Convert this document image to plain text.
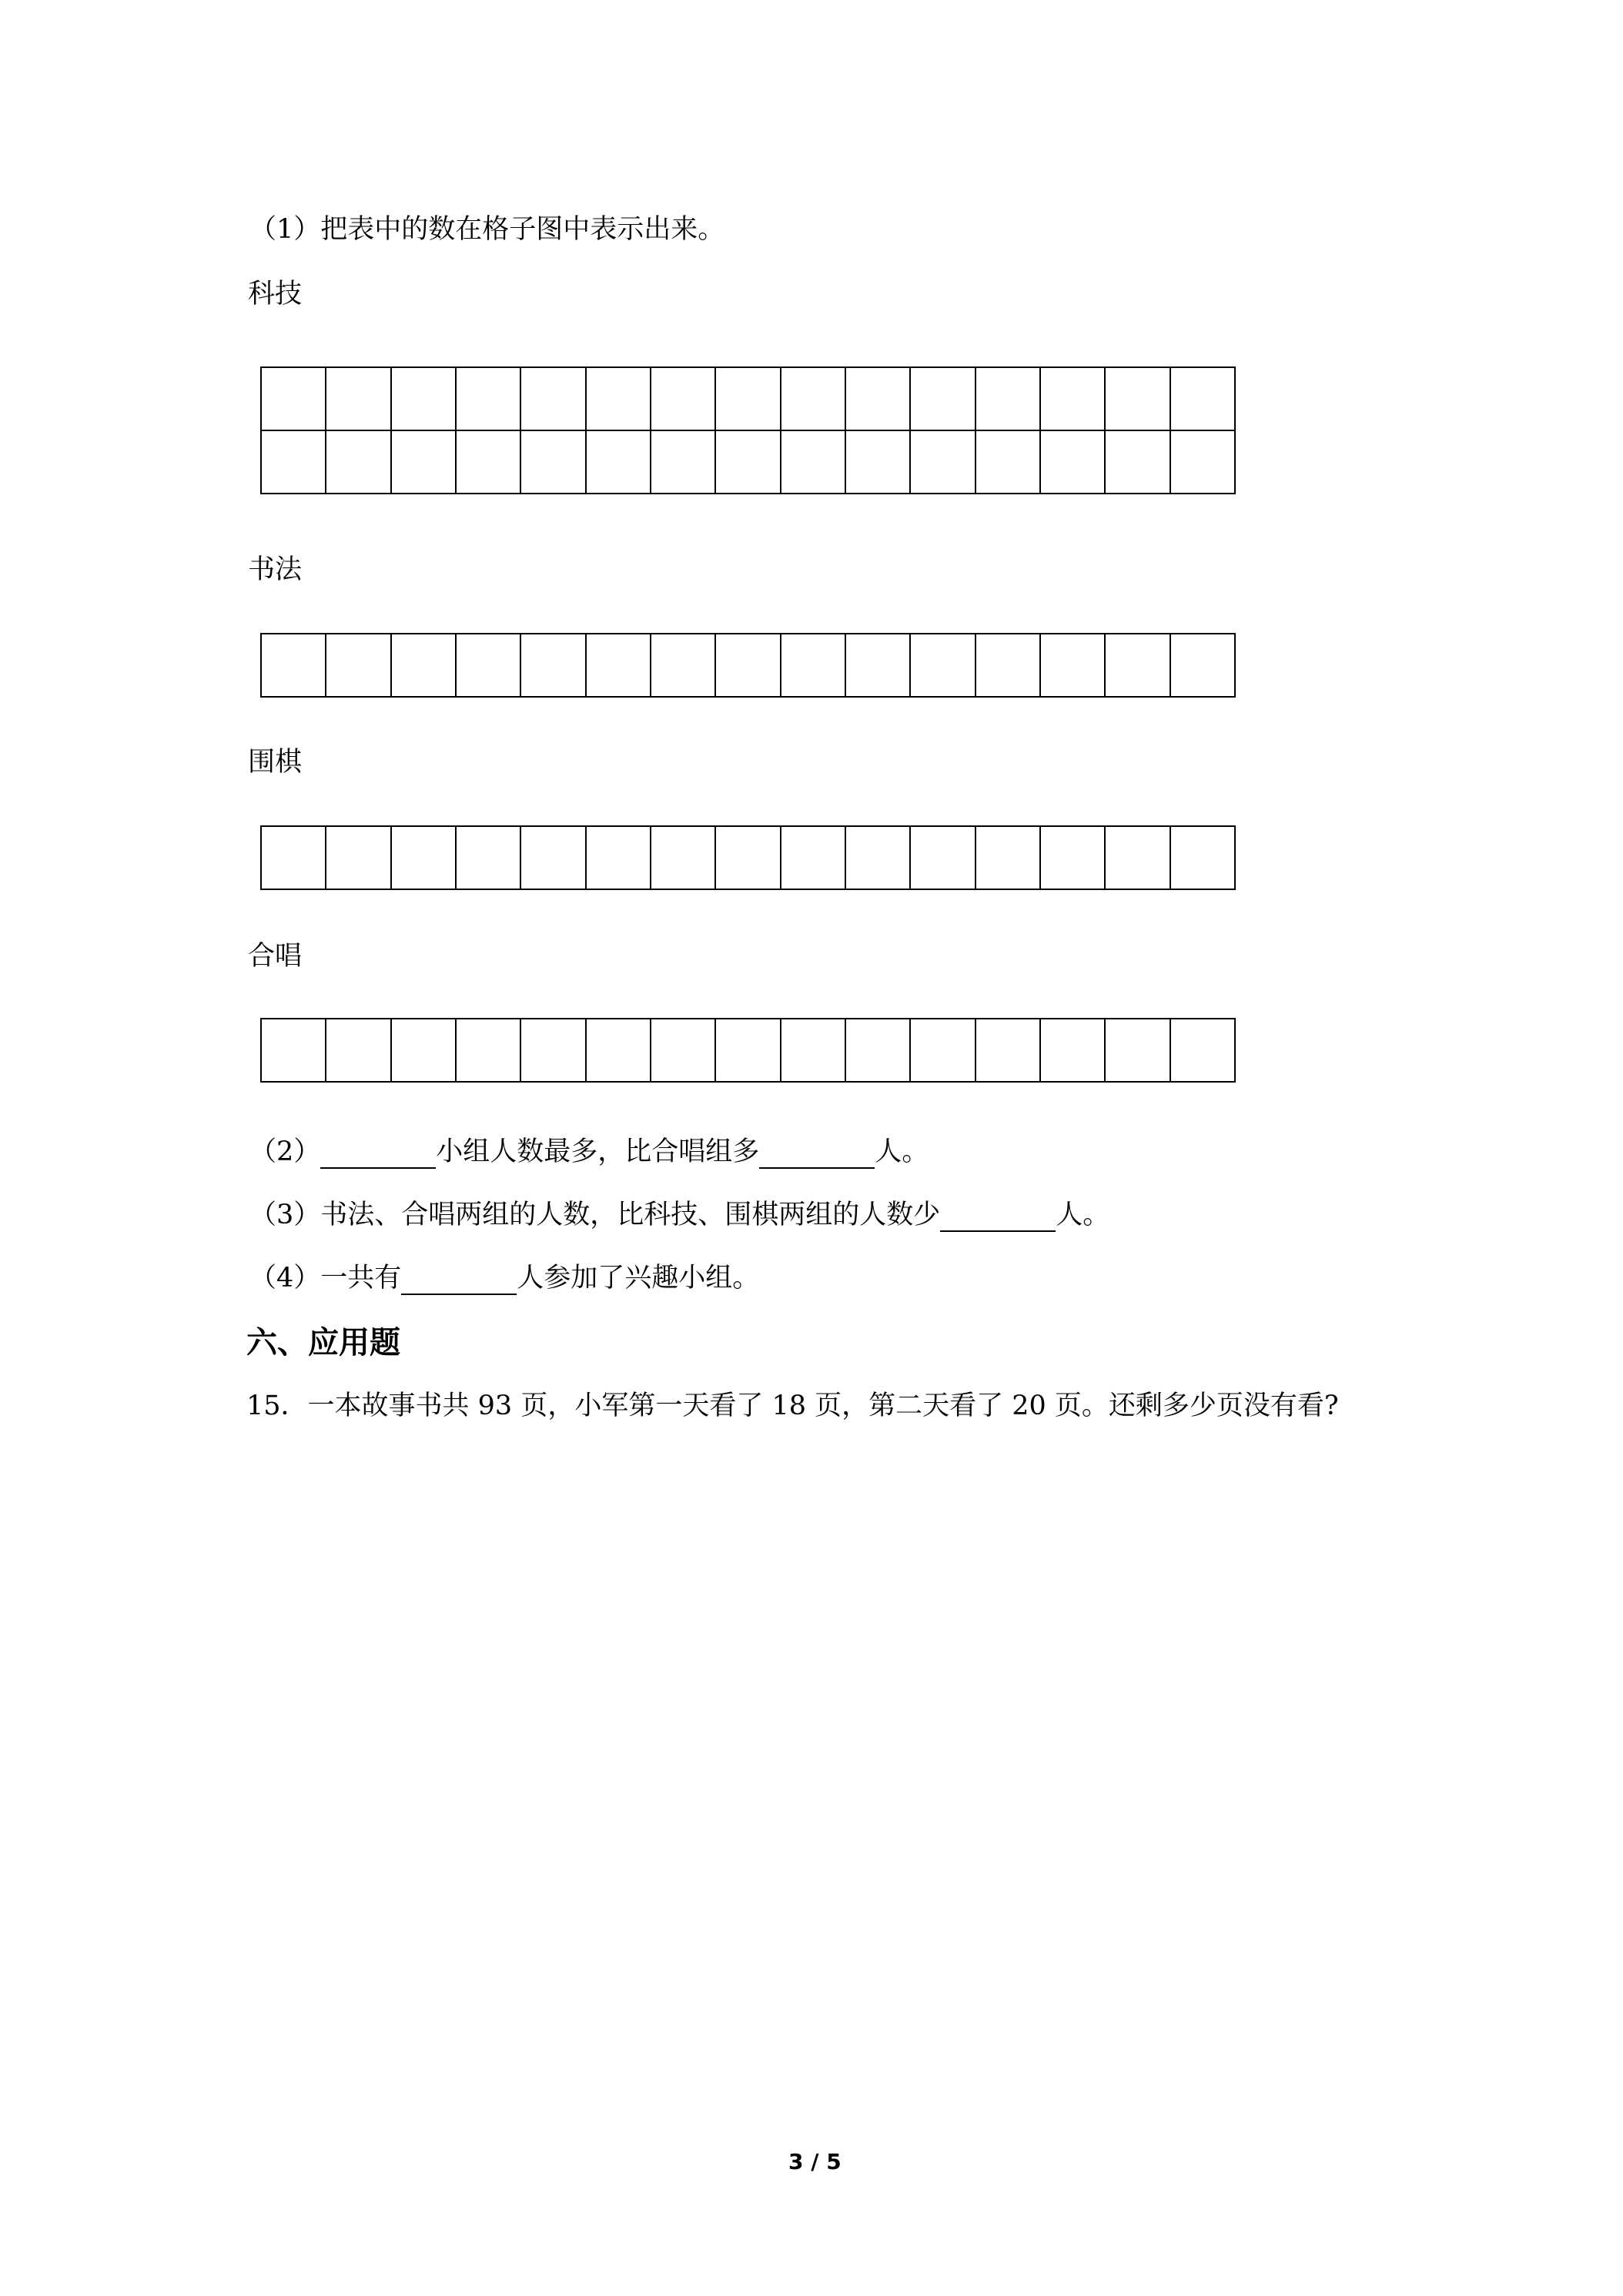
（1）把表中的数在格子图中表示出来。
科技

书法

围棋

合唱

（2）	小组人数最多，比合唱组多	人。
（3）书法、合唱两组的人数，比科技、围棋两组的人数少	人。
（4）一共有	人参加了兴趣小组。
六、应用题
15．一本故事书共 93 页，小军第一天看了 18 页，第二天看了 20 页。还剩多少页没有看?
3 / 5
